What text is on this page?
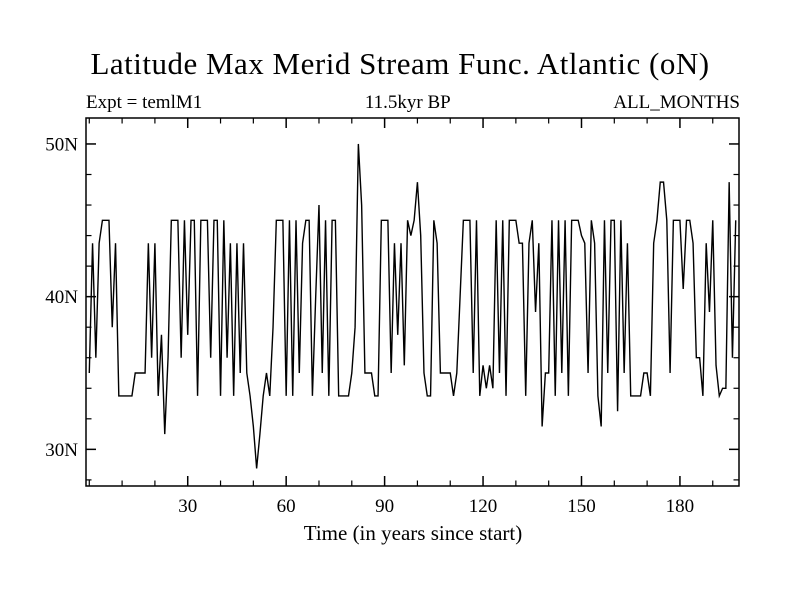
Latitude Max Merid Stream Func. Atlantic (oN)
Expt = temlM1	11.5kyr BP	ALL_MONTHS
30	60	90	120	150	180
30N
40N
50N
Time (in years since start)
